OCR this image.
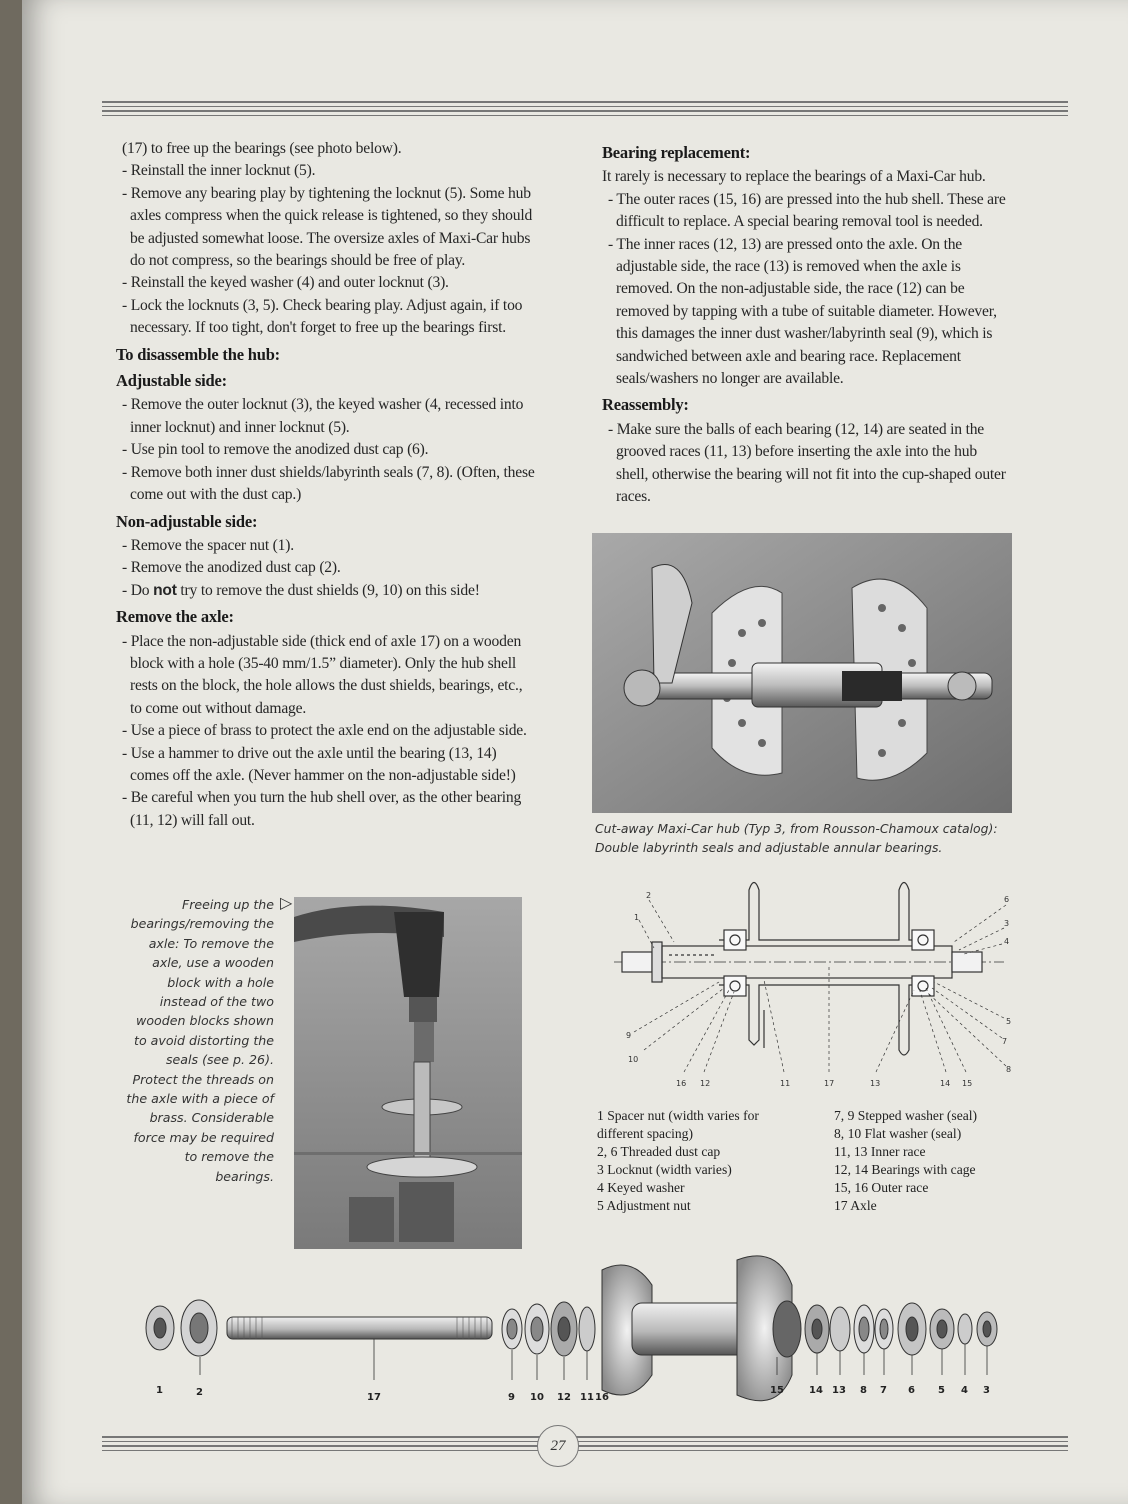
(17) to free up the bearings (see photo below).

- Reinstall the inner locknut (5).

- Remove any bearing play by tightening the locknut (5). Some hub axles compress when the quick release is tightened, so they should be adjusted somewhat loose. The oversize axles of Maxi-Car hubs do not compress, so the bearings should be free of play.

- Reinstall the keyed washer (4) and outer locknut (3).

- Lock the locknuts (3, 5). Check bearing play. Adjust again, if too necessary. If too tight, don't forget to free up the bearings first.

To disassemble the hub:
Adjustable side:

- Remove the outer locknut (3), the keyed washer (4, recessed into inner locknut) and inner locknut (5).

- Use pin tool to remove the anodized dust cap (6).

- Remove both inner dust shields/labyrinth seals (7, 8). (Often, these come out with the dust cap.)

Non-adjustable side:

- Remove the spacer nut (1).

- Remove the anodized dust cap (2).

- Do not try to remove the dust shields (9, 10) on this side!

Remove the axle:

- Place the non-adjustable side (thick end of axle 17) on a wooden block with a hole (35-40 mm/1.5” diameter). Only the hub shell rests on the block, the hole allows the dust shields, bearings, etc., to come out without damage.

- Use a piece of brass to protect the axle end on the adjustable side.

- Use a hammer to drive out the axle until the bearing (13, 14) comes off the axle. (Never hammer on the non-adjustable side!)

- Be careful when you turn the hub shell over, as the other bearing (11, 12) will fall out.

Bearing replacement:

It rarely is necessary to replace the bearings of a Maxi-Car hub.

- The outer races (15, 16) are pressed into the hub shell. These are difficult to replace. A special bearing removal tool is needed.

- The inner races (12, 13) are pressed onto the axle. On the adjustable side, the race (13) is removed when the axle is removed. On the non-adjustable side, the race (12) can be removed by tapping with a tube of suitable diameter. However, this damages the inner dust washer/labyrinth seal (9), which is sandwiched between axle and bearing race. Replacement seals/washers no longer are available.

Reassembly:

- Make sure the balls of each bearing (12, 14) are seated in the grooved races (11, 13) before inserting the axle into the hub shell, otherwise the bearing will not fit into the cup-shaped outer races.

Cut-away Maxi-Car hub (Typ 3, from Rousson-Chamoux catalog): Double labyrinth seals and adjustable annular bearings.
Freeing up the bearings/removing the axle: To remove the axle, use a wooden block with a hole instead of the two wooden blocks shown to avoid distorting the seals (see p. 26). Protect the threads on the axle with a piece of brass. Considerable force may be required to remove the bearings.
▷	2
1
6
3
4
5
7
8
9
10
16 12	11	17	13	14 15
1 Spacer nut (width varies for
different spacing)
2, 6 Threaded dust cap
3 Locknut (width varies)
4 Keyed washer
5 Adjustment nut
7, 9 Stepped washer (seal)
8, 10 Flat washer (seal)
11, 13 Inner race
12, 14 Bearings with cage
15, 16 Outer race
17 Axle
1	2	17	9 10 12 11 16
15	14 13 8 7 6 5 4 3
27
